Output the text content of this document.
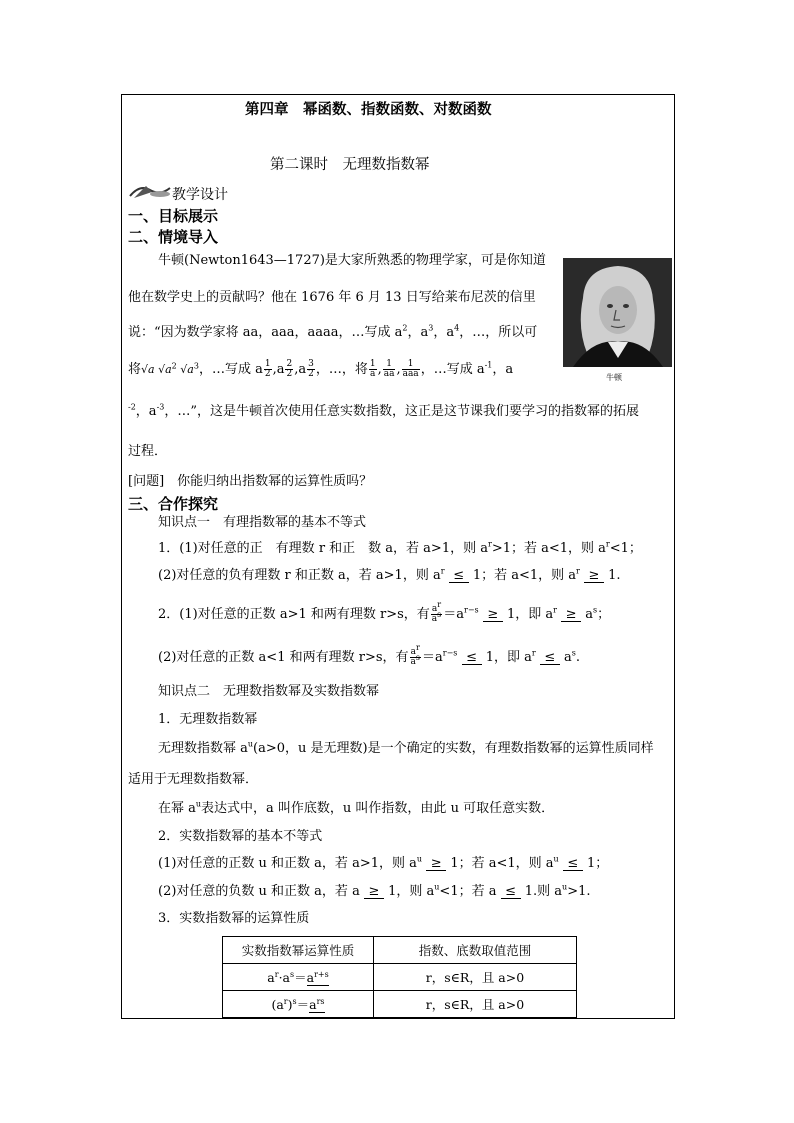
第四章　幂函数、指数函数、对数函数
第二课时　无理数指数幂
教学设计
一、目标展示
二、情境导入
牛顿(Newton1643—1727)是大家所熟悉的物理学家，可是你知道
他在数学史上的贡献吗？他在 1676 年 6 月 13 日写给莱布尼茨的信里
说：“因为数学家将 aa，aaa，aaaa，…写成 $a^2$，$a^3$，$a^4$，…，所以可
将√a $√a^2$ $√a^3$，…写成 a $\frac{1}{2} ,a \frac{2}{2} ,a \frac{3}{2}$ ，…，将 $\frac{1}{a}$ , $\frac{1}{aa}$ , $\frac{1}{\text{aaa}}$ ，…写成 $a^{-1}$，a
$^{-2}$，$a^{-3}$，…”，这是牛顿首次使用任意实数指数，这正是这节课我们要学习的指数幂的拓展
过程．
牛顿
[问题]　你能归纳出指数幂的运算性质吗？
三、合作探究
知识点一　有理指数幂的基本不等式
1．(1)对任意的正　有理数 r 和正　数 a，若 a>1，则 $a^r>1$；若 a<1，则 $a^r<1$；
(2)对任意的负有理数 r 和正数 a，若 a>1，则 $a^r \le 1$；若 a<1，则 $a^r \ge 1$.
2．(1)对任意的正数 a>1 和两有理数 r>s，有 $\frac{ar}{as} =a^{r-s} \ge 1$，即 $a^r \ge a^s$；
(2)对任意的正数 a<1 和两有理数 r>s，有 $\frac{ar}{as} =a^{r-s} \le 1$，即 $a^r \le a^s$.
知识点二　无理数指数幂及实数指数幂
1．无理数指数幂
无理数指数幂 $a^u(a>0$，u 是无理数)是一个确定的实数，有理数指数幂的运算性质同样
适用于无理数指数幂．
在幂 $a^u$表达式中，a 叫作底数，u 叫作指数，由此 u 可取任意实数．
2．实数指数幂的基本不等式
(1)对任意的正数 u 和正数 a，若 a>1，则 $a^u \ge 1$；若 a<1，则 $a^u \le 1$；
(2)对任意的负数 u 和正数 a，若 a ≥ 1，则 $a^u<1$；若 a ≤ 1.则 $a^u>1$.
3．实数指数幂的运算性质
实数指数幂运算性质	指数、底数取值范围
$a^r\cdot a^s=a^{r+s}$	r，s∈R，且 a>0
$(a^r)^s=a^{rs}$	r，s∈R，且 a>0
